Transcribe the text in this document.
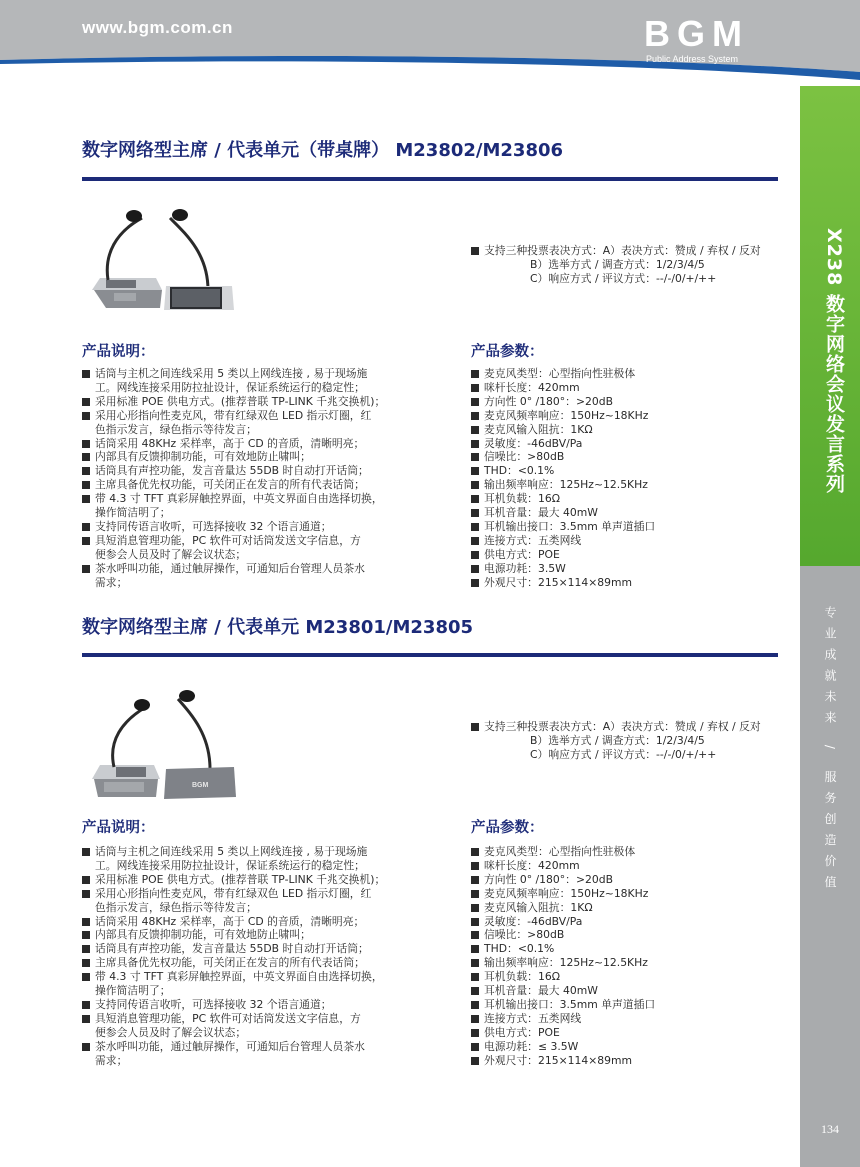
www.bgm.com.cn	BGM
Public Address System
X238 数字网络会议发言系列
专业成就未来 / 服务创造价值
134
数字网络型主席 / 代表单元（带桌牌） M23802/M23806
支持三种投票表决方式：A）表决方式：赞成 / 弃权 / 反对
B）选举方式 / 调查方式：1/2/3/4/5
C）响应方式 / 评议方式：--/-/0/+/++
产品说明：	产品参数：
话筒与主机之间连线采用 5 类以上网线连接 , 易于现场施
工。网线连接采用防拉扯设计，保证系统运行的稳定性；
采用标准 POE 供电方式。(推荐普联 TP-LINK 千兆交换机)；
采用心形指向性麦克风，带有红绿双色 LED 指示灯圈，红
色指示发言，绿色指示等待发言；
话筒采用 48KHz 采样率，高于 CD 的音质，清晰明亮；
内部具有反馈抑制功能，可有效地防止啸叫；
话筒具有声控功能，发言音量达 55DB 时自动打开话筒；
主席具备优先权功能，可关闭正在发言的所有代表话筒；
带 4.3 寸 TFT 真彩屏触控界面，中英文界面自由选择切换，
操作简洁明了；
支持同传语言收听，可选择接收 32 个语言通道；
具短消息管理功能，PC 软件可对话筒发送文字信息，方
便参会人员及时了解会议状态；
茶水呼叫功能，通过触屏操作，可通知后台管理人员茶水
需求；
麦克风类型：心型指向性驻极体
咪杆长度：420mm
方向性 0° /180°：>20dB
麦克风频率响应：150Hz~18KHz
麦克风输入阻抗：1KΩ
灵敏度：-46dBV/Pa
信噪比：>80dB
THD：<0.1%
输出频率响应：125Hz~12.5KHz
耳机负载：16Ω
耳机音量：最大 40mW
耳机输出接口：3.5mm 单声道插口
连接方式：五类网线
供电方式：POE
电源功耗：3.5W
外观尺寸：215×114×89mm
数字网络型主席 / 代表单元 M23801/M23805
BGM
支持三种投票表决方式：A）表决方式：赞成 / 弃权 / 反对
B）选举方式 / 调查方式：1/2/3/4/5
C）响应方式 / 评议方式：--/-/0/+/++
产品说明：	产品参数：
话筒与主机之间连线采用 5 类以上网线连接 , 易于现场施
工。网线连接采用防拉扯设计，保证系统运行的稳定性；
采用标准 POE 供电方式。(推荐普联 TP-LINK 千兆交换机)；
采用心形指向性麦克风，带有红绿双色 LED 指示灯圈，红
色指示发言，绿色指示等待发言；
话筒采用 48KHz 采样率，高于 CD 的音质，清晰明亮；
内部具有反馈抑制功能，可有效地防止啸叫；
话筒具有声控功能，发言音量达 55DB 时自动打开话筒；
主席具备优先权功能，可关闭正在发言的所有代表话筒；
带 4.3 寸 TFT 真彩屏触控界面，中英文界面自由选择切换，
操作简洁明了；
支持同传语言收听，可选择接收 32 个语言通道；
具短消息管理功能，PC 软件可对话筒发送文字信息，方
便参会人员及时了解会议状态；
茶水呼叫功能，通过触屏操作，可通知后台管理人员茶水
需求；
麦克风类型：心型指向性驻极体
咪杆长度：420mm
方向性 0° /180°：>20dB
麦克风频率响应：150Hz~18KHz
麦克风输入阻抗：1KΩ
灵敏度：-46dBV/Pa
信噪比：>80dB
THD：<0.1%
输出频率响应：125Hz~12.5KHz
耳机负载：16Ω
耳机音量：最大 40mW
耳机输出接口：3.5mm 单声道插口
连接方式：五类网线
供电方式：POE
电源功耗：≤ 3.5W
外观尺寸：215×114×89mm
